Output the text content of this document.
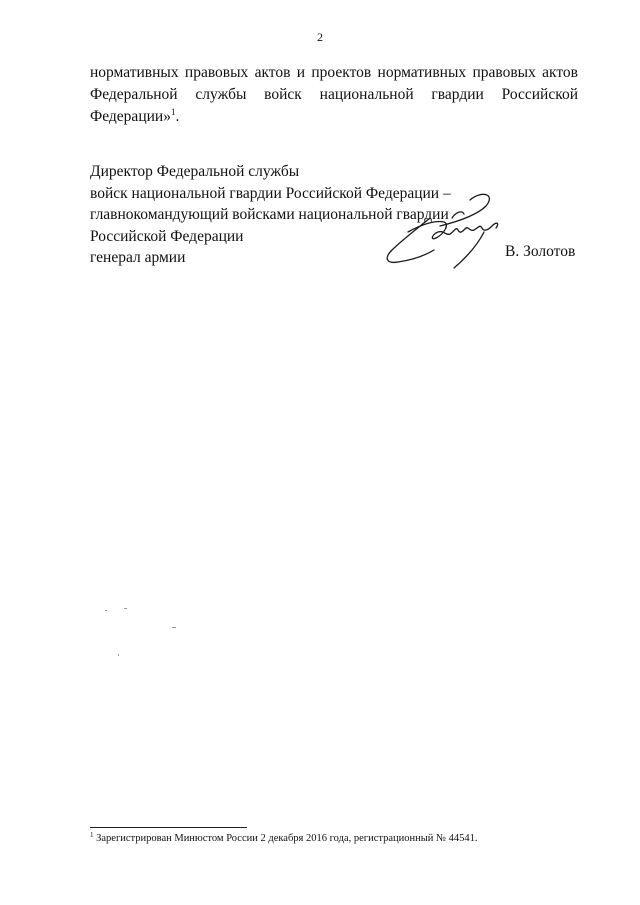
2
нормативных правовых актов и проектов нормативных правовых актов
Федеральной службы войск национальной гвардии Российской
Федерации»$^1$.
Директор Федеральной службы
войск национальной гвардии Российской Федерации –
главнокомандующий войсками национальной гвардии
Российской Федерации
генерал армии	В. Золотов
$^1$ Зарегистрирован Минюстом России 2 декабря 2016 года, регистрационный № 44541.
